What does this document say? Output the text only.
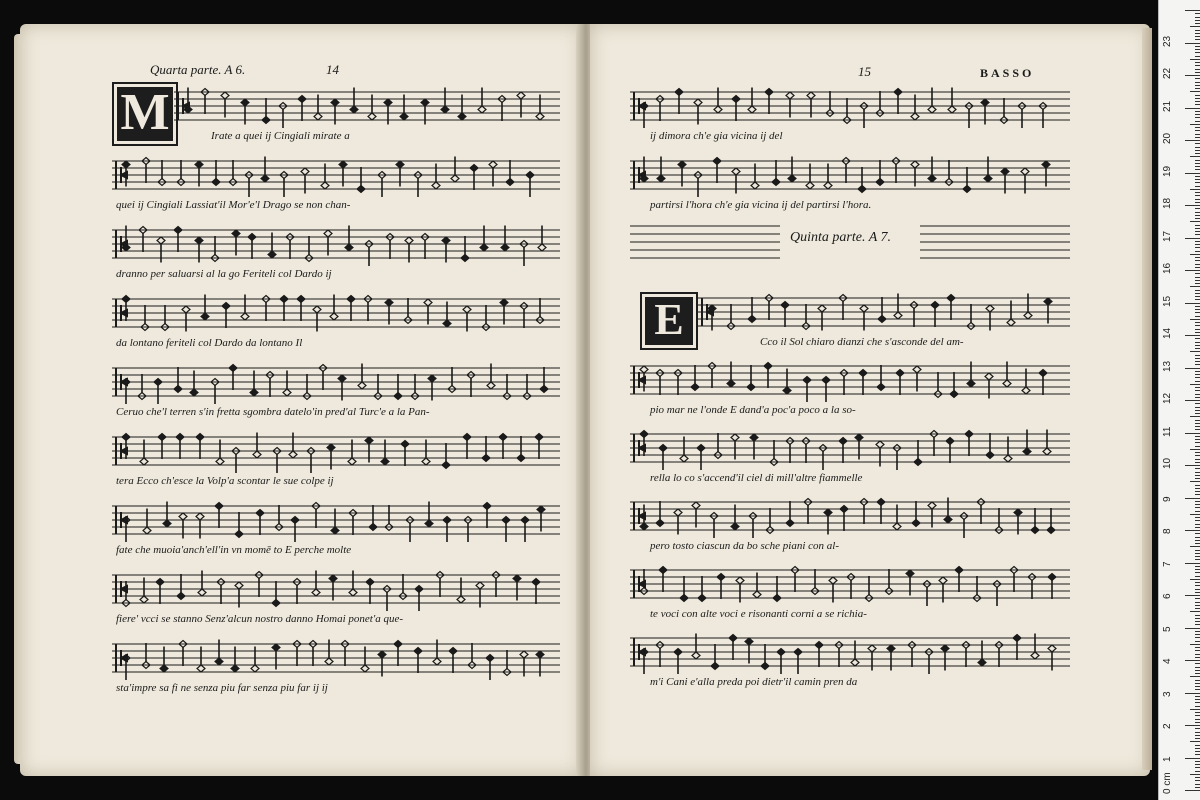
Quarta parte. A 6.	14
M	Irate a quei ij Cingiali mirate a
quei ij Cingiali Lassiat'il Mor'e'l Drago se non chan-
dranno per saluarsi al la go Feriteli col Dardo ij
da lontano feriteli col Dardo da lontano Il
Ceruo che'l terren s'in fretta sgombra datelo'in pred'al Turc'e a la Pan-
tera Ecco ch'esce la Volp'a scontar le sue colpe ij
fate che muoia'anch'ell'in vn momē to E perche molte
fiere' vcci se stanno Senz'alcun nostro danno Homai ponet'a que-
sta'impre sa fi ne senza piu far senza piu far ij ij
15	BASSO
Quinta parte. A 7.
E
ij dimora ch'e gia vicina ij del
partirsi l'hora ch'e gia vicina ij del partirsi l'hora.
Cco il Sol chiaro dianzi che s'asconde del am-
pio mar ne l'onde E dand'a poc'a poco a la so-
rella lo co s'accend'il ciel di mill'altre fiammelle
pero tosto ciascun da bo sche piani con al-
te voci con alte voci e risonanti corni a se richia-
m'i Cani e'alla preda poi dietr'il camin pren da
0 cm
1
2
3
4
5
6
7
8
9
10
11
12
13
14
15
16
17
18
19
20
21
22
23
